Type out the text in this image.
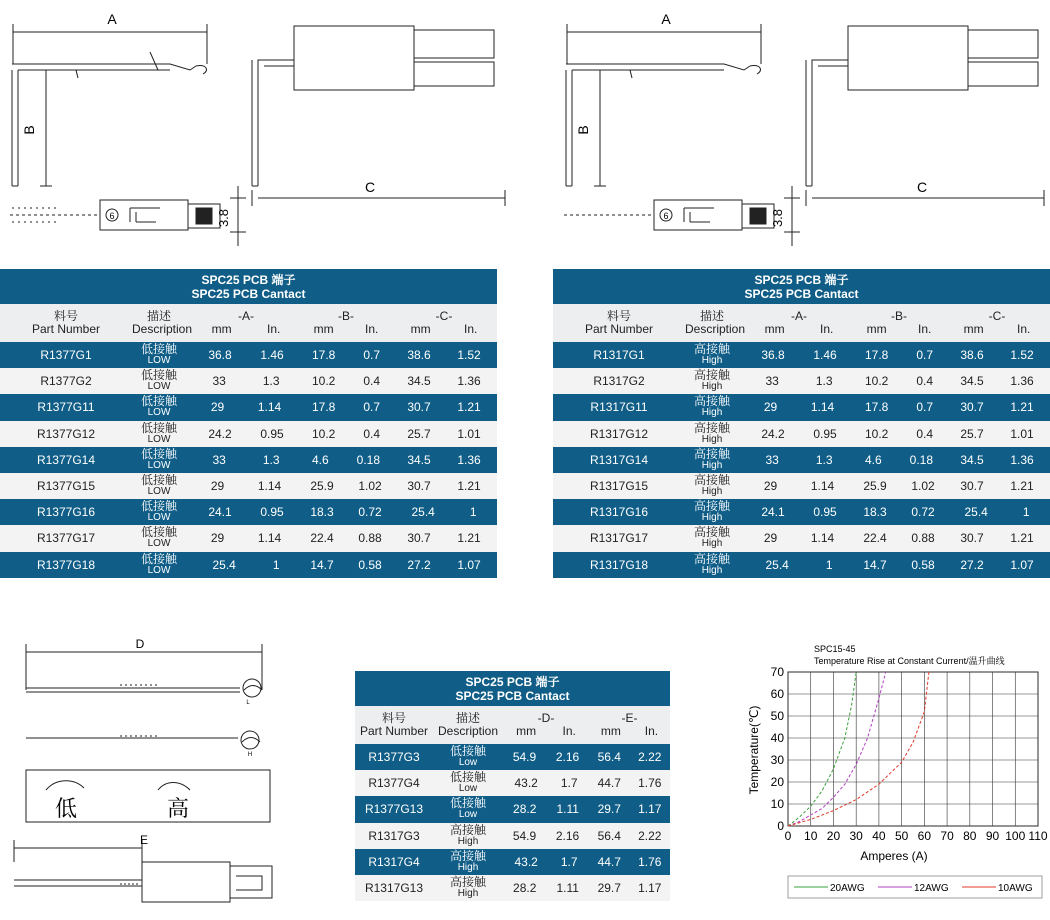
A
B
C
3.8
6
A
B
C
3.8
6
SPC25 PCB 端子
SPC25 PCB Cantact
料号
Part Number
描述
Description
-A-
mm	In.
-B-
mm	In.
-C-
mm	In.
R1377G1	低接触
LOW	36.8 1.46 17.8 0.7 38.6 1.52
R1377G2	低接触
LOW	33	1.3	10.2 0.4 34.5 1.36
R1377G11	低接触
LOW	29	1.14	17.8 0.7 30.7 1.21
R1377G12	低接触
LOW	24.2 0.95 10.2 0.4 25.7 1.01
R1377G14	低接触
LOW	33	1.3	4.6 0.18 34.5 1.36
R1377G15	低接触
LOW	29	1.14 25.9 1.02 30.7 1.21
R1377G16	低接触
LOW	24.1 0.95 18.3 0.72 25.4	1
R1377G17	低接触
LOW	29	1.14 22.4 0.88 30.7 1.21
R1377G18	低接触
LOW	25.4	1	14.7 0.58 27.2 1.07
SPC25 PCB 端子
SPC25 PCB Cantact
料号
Part Number
描述
Description
-A-
mm	In.
-B-
mm	In.
-C-
mm	In.
R1317G1	高接触
High	36.8 1.46 17.8 0.7 38.6 1.52
R1317G2	高接触
High	33	1.3	10.2 0.4 34.5 1.36
R1317G11	高接触
High	29	1.14	17.8 0.7 30.7 1.21
R1317G12	高接触
High	24.2 0.95 10.2 0.4 25.7 1.01
R1317G14	高接触
High	33	1.3	4.6 0.18 34.5 1.36
R1317G15	高接触
High	29	1.14 25.9 1.02 30.7 1.21
R1317G16	高接触
High	24.1 0.95 18.3 0.72 25.4	1
R1317G17	高接触
High	29	1.14 22.4 0.88 30.7 1.21
R1317G18	高接触
High	25.4	1	14.7 0.58 27.2 1.07
D
E
低	高
L
H
SPC25 PCB 端子
SPC25 PCB Cantact
料号
Part Number
描述
Description
-D-
mm In.
-E-
mm In.
R1377G3	低接触
Low	54.9 2.16 56.4 2.22
R1377G4	低接触
Low	43.2 1.7 44.7 1.76
R1377G13	低接触
Low	28.2 1.11 29.7 1.17
R1317G3	高接触
High	54.9 2.16 56.4 2.22
R1317G4	高接触
High	43.2 1.7 44.7 1.76
R1317G13	高接触
High	28.2 1.11 29.7 1.17
SPC15-45
Temperature Rise at Constant Current/温升曲线
Amperes (A)
Temperature(℃)
0 10 20 30 40 50 60 70 80 90 100 110
0
10
20
30
40
50
60
70
20AWG	12AWG	10AWG
